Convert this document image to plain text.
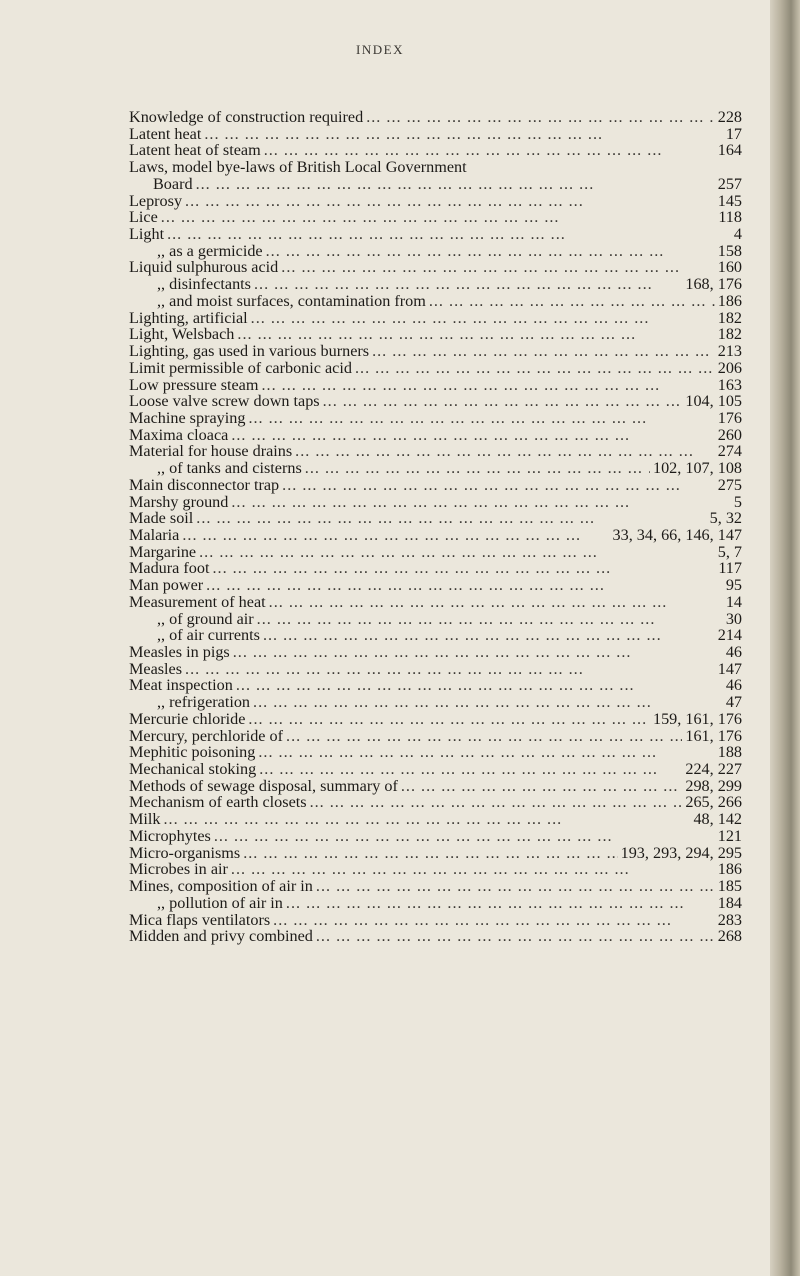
INDEX
Knowledge of construction required ... .	228
Latent heat ... .	17
Latent heat of steam ... .	164
Laws, model bye-laws of British Local Government
Board ... .	257
Leprosy ... .	145
Lice ... .	118
Light ... .	4
,, as a germicide ... .	158
Liquid sulphurous acid ... .	160
,, disinfectants ... .	168, 176
,, and moist surfaces, contamination from ... .	186
Lighting, artificial ... .	182
Light, Welsbach ... .	182
Lighting, gas used in various burners ... .	213
Limit permissible of carbonic acid ... .	206
Low pressure steam ... .	163
Loose valve screw down taps ... .	104, 105
Machine spraying ... .	176
Maxima cloaca ... .	260
Material for house drains ... .	274
,, of tanks and cisterns ... .	102, 107, 108
Main disconnector trap ... .	275
Marshy ground ... .	5
Made soil ... .	5, 32
Malaria ... .	33, 34, 66, 146, 147
Margarine ... .	5, 7
Madura foot ... .	117
Man power ... .	95
Measurement of heat ... .	14
,, of ground air ... .	30
,, of air currents ... .	214
Measles in pigs ... .	46
Measles ... .	147
Meat inspection ... .	46
,, refrigeration ... .	47
Mercurie chloride ... .	159, 161, 176
Mercury, perchloride of ... .	161, 176
Mephitic poisoning ... .	188
Mechanical stoking ... .	224, 227
Methods of sewage disposal, summary of ... .	298, 299
Mechanism of earth closets ... .	265, 266
Milk ... .	48, 142
Microphytes ... .	121
Micro-organisms ... .	193, 293, 294, 295
Microbes in air ... .	186
Mines, composition of air in ... .	185
,, pollution of air in ... .	184
Mica flaps ventilators ... .	283
Midden and privy combined ... .	268
